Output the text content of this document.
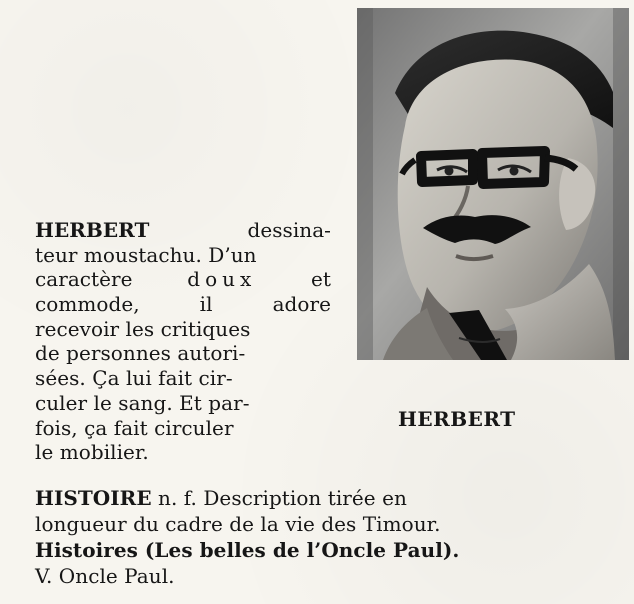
HERBERT
HERBERT	dessina-
teur moustachu. D’un
caractère	doux	et
commode,	il	adore
recevoir les critiques
de personnes autori-
sées. Ça lui fait cir-
culer le sang. Et par-
fois, ça fait circuler
le mobilier.
HISTOIRE n. f. Description tirée en
longueur du cadre de la vie des Timour.
Histoires (Les belles de l’Oncle Paul).
V. Oncle Paul.
